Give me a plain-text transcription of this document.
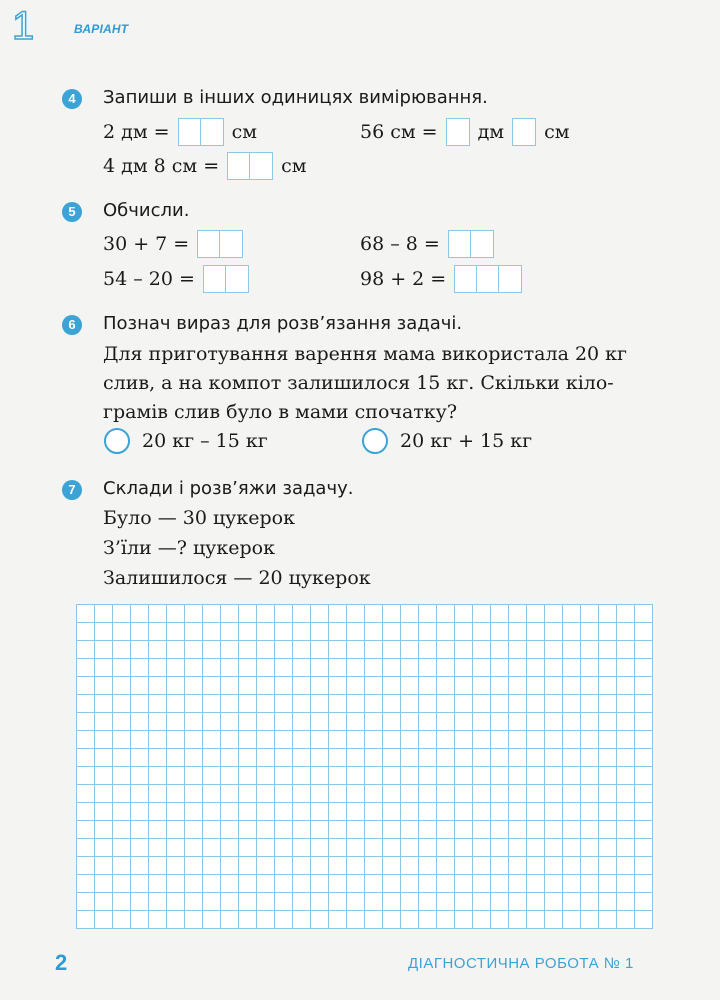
1	ВАРІАНТ
4	Запиши в інших одиницях вимірювання.
2 дм =	см	56 см = дм см
4 дм 8 см =	см
5	Обчисли.
30 + 7 =	68 – 8 =
54 – 20 =	98 + 2 =
6	Познач вираз для розв’язання задачі.
Для приготування варення мама використала 20 кг
слив, а на компот залишилося 15 кг. Скільки кіло-
грамів слив було в мами спочатку?
20 кг – 15 кг	20 кг + 15 кг
7	Склади і розв’яжи задачу.
Було — 30 цукерок
З’їли —? цукерок
Залишилося — 20 цукерок
2	ДІАГНОСТИЧНА РОБОТА № 1
